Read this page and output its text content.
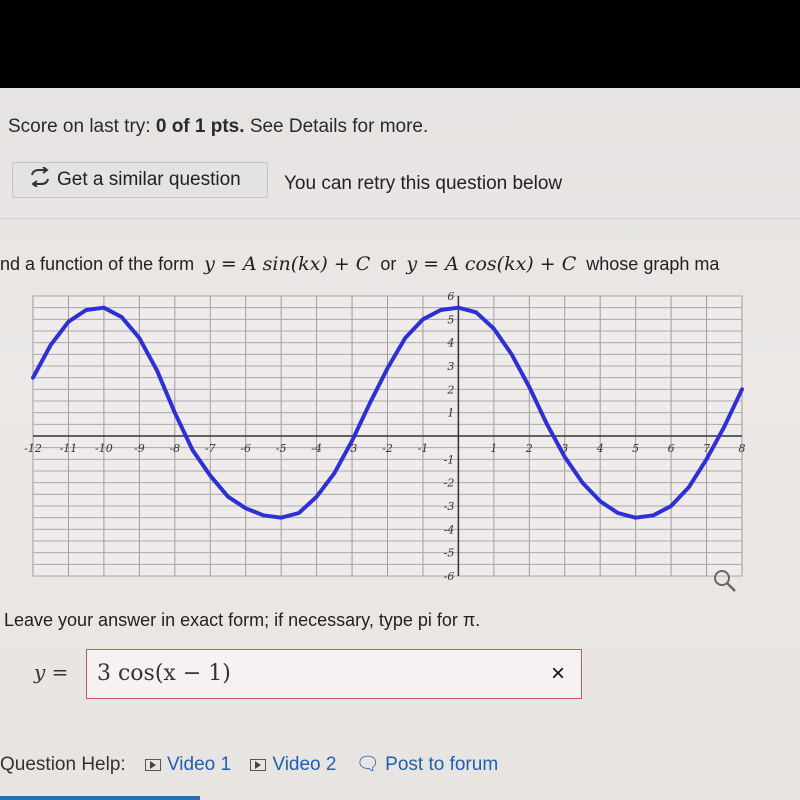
Score on last try: 0 of 1 pts. See Details for more.
Get a similar question You can retry this question below
nd a function of the form y = A sin(kx) + C or y = A cos(kx) + C whose graph ma
-12 -11 -10 -9 -8 -7 -6 -5 -4 -3 -2 -1	1	2	3	4	5	6	7	8
6
5
4
3
2
1
-1
-2
-3
-4
-5
-6
Leave your answer in exact form; if necessary, type pi for π.
y = 3 cos(x − 1)	×
Question Help: Video 1 Video 2 🗨︎ Post to forum
